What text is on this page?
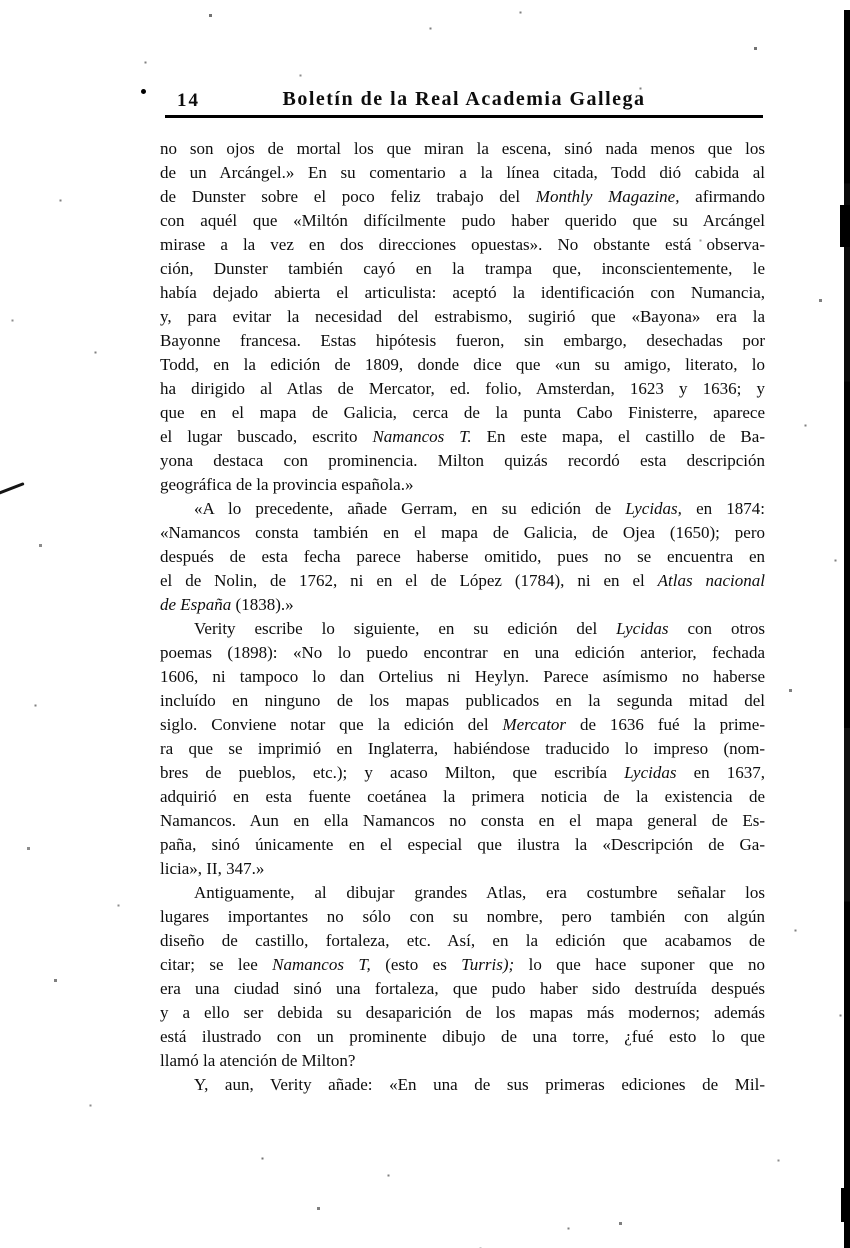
14	Boletín de la Real Academia Gallega
no son ojos de mortal los que miran la escena, sinó nada menos que los
de un Arcángel.» En su comentario a la línea citada, Todd dió cabida al
de Dunster sobre el poco feliz trabajo del Monthly Magazine, afirmando
con aquél que «Miltón difícilmente pudo haber querido que su Arcángel
mirase a la vez en dos direcciones opuestas». No obstante está observa-
ción, Dunster también cayó en la trampa que, inconscientemente, le
había dejado abierta el articulista: aceptó la identificación con Numancia,
y, para evitar la necesidad del estrabismo, sugirió que «Bayona» era la
Bayonne francesa. Estas hipótesis fueron, sin embargo, desechadas por
Todd, en la edición de 1809, donde dice que «un su amigo, literato, lo
ha dirigido al Atlas de Mercator, ed. folio, Amsterdan, 1623 y 1636; y
que en el mapa de Galicia, cerca de la punta Cabo Finisterre, aparece
el lugar buscado, escrito Namancos T. En este mapa, el castillo de Ba-
yona destaca con prominencia. Milton quizás recordó esta descripción
geográfica de la provincia española.»
«A lo precedente, añade Gerram, en su edición de Lycidas, en 1874:
«Namancos consta también en el mapa de Galicia, de Ojea (1650); pero
después de esta fecha parece haberse omitido, pues no se encuentra en
el de Nolin, de 1762, ni en el de López (1784), ni en el Atlas nacional
de España (1838).»
Verity escribe lo siguiente, en su edición del Lycidas con otros
poemas (1898): «No lo puedo encontrar en una edición anterior, fechada
1606, ni tampoco lo dan Ortelius ni Heylyn. Parece asímismo no haberse
incluído en ninguno de los mapas publicados en la segunda mitad del
siglo. Conviene notar que la edición del Mercator de 1636 fué la prime-
ra que se imprimió en Inglaterra, habiéndose traducido lo impreso (nom-
bres de pueblos, etc.); y acaso Milton, que escribía Lycidas en 1637,
adquirió en esta fuente coetánea la primera noticia de la existencia de
Namancos. Aun en ella Namancos no consta en el mapa general de Es-
paña, sinó únicamente en el especial que ilustra la «Descripción de Ga-
licia», II, 347.»
Antiguamente, al dibujar grandes Atlas, era costumbre señalar los
lugares importantes no sólo con su nombre, pero también con algún
diseño de castillo, fortaleza, etc. Así, en la edición que acabamos de
citar; se lee Namancos T, (esto es Turris); lo que hace suponer que no
era una ciudad sinó una fortaleza, que pudo haber sido destruída después
y a ello ser debida su desaparición de los mapas más modernos; además
está ilustrado con un prominente dibujo de una torre, ¿fué esto lo que
llamó la atención de Milton?
Y, aun, Verity añade: «En una de sus primeras ediciones de Mil-
